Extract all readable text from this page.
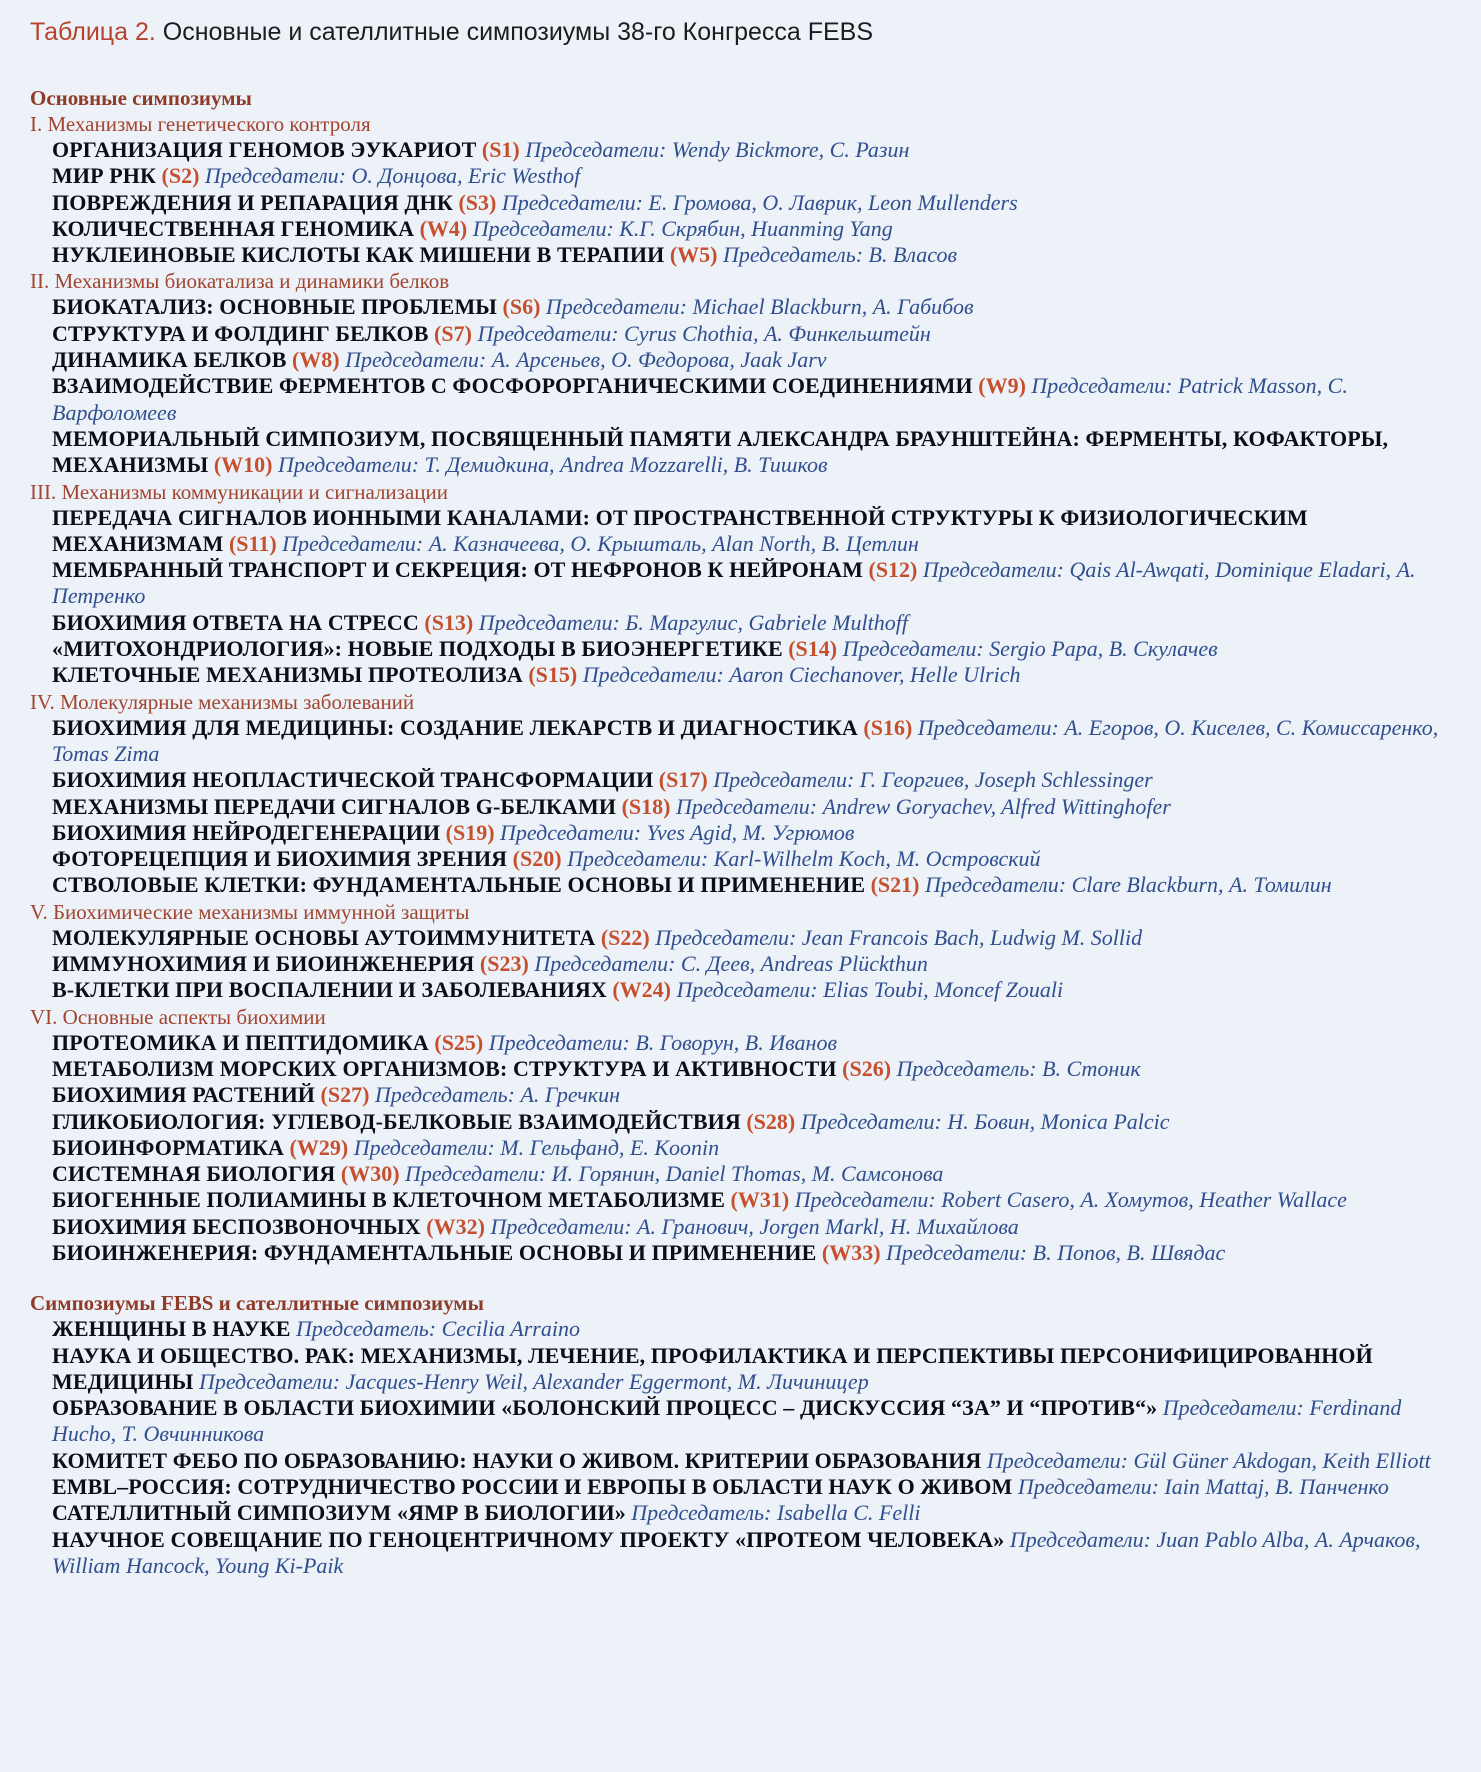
Таблица 2. Основные и сателлитные симпозиумы 38-го Конгресса FEBS
Основные симпозиумы
I. Механизмы генетического контроля
ОРГАНИЗАЦИЯ ГЕНОМОВ ЭУКАРИОТ (S1) Председатели: Wendy Bickmore, C. Разин
МИР РНК (S2) Председатели: О. Донцова, Eric Westhof
ПОВРЕЖДЕНИЯ И РЕПАРАЦИЯ ДНК (S3) Председатели: Е. Громова, О. Лаврик, Leon Mullenders
КОЛИЧЕСТВЕННАЯ ГЕНОМИКА (W4) Председатели: К.Г. Скрябин, Huanming Yang
НУКЛЕИНОВЫЕ КИСЛОТЫ КАК МИШЕНИ В ТЕРАПИИ (W5) Председатель: В. Власов
II. Механизмы биокатализа и динамики белков
БИОКАТАЛИЗ: ОСНОВНЫЕ ПРОБЛЕМЫ (S6) Председатели: Michael Blackburn, А. Габибов
СТРУКТУРА И ФОЛДИНГ БЕЛКОВ (S7) Председатели: Cyrus Chothia, А. Финкельштейн
ДИНАМИКА БЕЛКОВ (W8) Председатели: А. Арсеньев, О. Федорова, Jaak Jarv
ВЗАИМОДЕЙСТВИЕ ФЕРМЕНТОВ С ФОСФОРОРГАНИЧЕСКИМИ СОЕДИНЕНИЯМИ (W9) Председатели: Patrick Masson, С. Варфоломеев
МЕМОРИАЛЬНЫЙ СИМПОЗИУМ, ПОСВЯЩЕННЫЙ ПАМЯТИ АЛЕКСАНДРА БРАУНШТЕЙНА: ФЕРМЕНТЫ, КОФАКТОРЫ, МЕХАНИЗМЫ (W10) Председатели: Т. Демидкина, Andrea Mozzarelli, В. Тишков
III. Механизмы коммуникации и сигнализации
ПЕРЕДАЧА СИГНАЛОВ ИОННЫМИ КАНАЛАМИ: ОТ ПРОСТРАНСТВЕННОЙ СТРУКТУРЫ К ФИЗИОЛОГИЧЕСКИМ МЕХАНИЗМАМ (S11) Председатели: А. Казначеева, О. Крышталь, Alan North, В. Цетлин
МЕМБРАННЫЙ ТРАНСПОРТ И СЕКРЕЦИЯ: ОТ НЕФРОНОВ К НЕЙРОНАМ (S12) Председатели: Qais Al-Awqati, Dominique Eladari, А. Петренко
БИОХИМИЯ ОТВЕТА НА СТРЕСС (S13) Председатели: Б. Маргулис, Gabriele Multhoff
«МИТОХОНДРИОЛОГИЯ»: НОВЫЕ ПОДХОДЫ В БИОЭНЕРГЕТИКЕ (S14) Председатели: Sergio Papa, В. Скулачев
КЛЕТОЧНЫЕ МЕХАНИЗМЫ ПРОТЕОЛИЗА (S15) Председатели: Aaron Ciechanover, Helle Ulrich
IV. Молекулярные механизмы заболеваний
БИОХИМИЯ ДЛЯ МЕДИЦИНЫ: СОЗДАНИЕ ЛЕКАРСТВ И ДИАГНОСТИКА (S16) Председатели: А. Егоров, О. Киселев, С. Комиссаренко, Tomas Zima
БИОХИМИЯ НЕОПЛАСТИЧЕСКОЙ ТРАНСФОРМАЦИИ (S17) Председатели: Г. Георгиев, Joseph Schlessinger
МЕХАНИЗМЫ ПЕРЕДАЧИ СИГНАЛОВ G-БЕЛКАМИ (S18) Председатели: Andrew Goryachev, Alfred Wittinghofer
БИОХИМИЯ НЕЙРОДЕГЕНЕРАЦИИ (S19) Председатели: Yves Agid, М. Угрюмов
ФОТОРЕЦЕПЦИЯ И БИОХИМИЯ ЗРЕНИЯ (S20) Председатели: Karl-Wilhelm Koch, М. Островский
СТВОЛОВЫЕ КЛЕТКИ: ФУНДАМЕНТАЛЬНЫЕ ОСНОВЫ И ПРИМЕНЕНИЕ (S21) Председатели: Clare Blackburn, А. Томилин
V. Биохимические механизмы иммунной защиты
МОЛЕКУЛЯРНЫЕ ОСНОВЫ АУТОИММУНИТЕТА (S22) Председатели: Jean Francois Bach, Ludwig M. Sollid
ИММУНОХИМИЯ И БИОИНЖЕНЕРИЯ (S23) Председатели: С. Деев, Andreas Plückthun
В-КЛЕТКИ ПРИ ВОСПАЛЕНИИ И ЗАБОЛЕВАНИЯХ (W24) Председатели: Elias Toubi, Moncef Zouali
VI. Основные аспекты биохимии
ПРОТЕОМИКА И ПЕПТИДОМИКА (S25) Председатели: В. Говорун, В. Иванов
МЕТАБОЛИЗМ МОРСКИХ ОРГАНИЗМОВ: СТРУКТУРА И АКТИВНОСТИ (S26) Председатель: В. Стоник
БИОХИМИЯ РАСТЕНИЙ (S27) Председатель: А. Гречкин
ГЛИКОБИОЛОГИЯ: УГЛЕВОД-БЕЛКОВЫЕ ВЗАИМОДЕЙСТВИЯ (S28) Председатели: Н. Бовин, Monica Palcic
БИОИНФОРМАТИКА (W29) Председатели: М. Гельфанд, Е. Koonin
СИСТЕМНАЯ БИОЛОГИЯ (W30) Председатели: И. Горянин, Daniel Thomas, М. Самсонова
БИОГЕННЫЕ ПОЛИАМИНЫ В КЛЕТОЧНОМ МЕТАБОЛИЗМЕ (W31) Председатели: Robert Casero, А. Хомутов, Heather Wallace
БИОХИМИЯ БЕСПОЗВОНОЧНЫХ (W32) Председатели: А. Гранович, Jorgen Markl, Н. Михайлова
БИОИНЖЕНЕРИЯ: ФУНДАМЕНТАЛЬНЫЕ ОСНОВЫ И ПРИМЕНЕНИЕ (W33) Председатели: В. Попов, В. Швядас
Симпозиумы FEBS и сателлитные симпозиумы
ЖЕНЩИНЫ В НАУКЕ Председатель: Cecilia Arraino
НАУКА И ОБЩЕСТВО. РАК: МЕХАНИЗМЫ, ЛЕЧЕНИЕ, ПРОФИЛАКТИКА И ПЕРСПЕКТИВЫ ПЕРСОНИФИЦИРОВАННОЙ МЕДИЦИНЫ Председатели: Jacques-Henry Weil, Alexander Eggermont, М. Личиницер
ОБРАЗОВАНИЕ В ОБЛАСТИ БИОХИМИИ «БОЛОНСКИЙ ПРОЦЕСС – ДИСКУССИЯ “ЗА” И “ПРОТИВ“» Председатели: Ferdinand Hucho, Т. Овчинникова
КОМИТЕТ ФЕБО ПО ОБРАЗОВАНИЮ: НАУКИ О ЖИВОМ. КРИТЕРИИ ОБРАЗОВАНИЯ Председатели: Gül Güner Akdogan, Keith Elliott
EMBL–РОССИЯ: СОТРУДНИЧЕСТВО РОССИИ И ЕВРОПЫ В ОБЛАСТИ НАУК О ЖИВОМ Председатели: Iain Mattaj, В. Панченко
САТЕЛЛИТНЫЙ СИМПОЗИУМ «ЯМР В БИОЛОГИИ» Председатель: Isabella C. Felli
НАУЧНОЕ СОВЕЩАНИЕ ПО ГЕНОЦЕНТРИЧНОМУ ПРОЕКТУ «ПРОТЕОМ ЧЕЛОВЕКА» Председатели: Juan Pablo Alba, А. Арчаков, William Hancock, Young Ki-Paik
